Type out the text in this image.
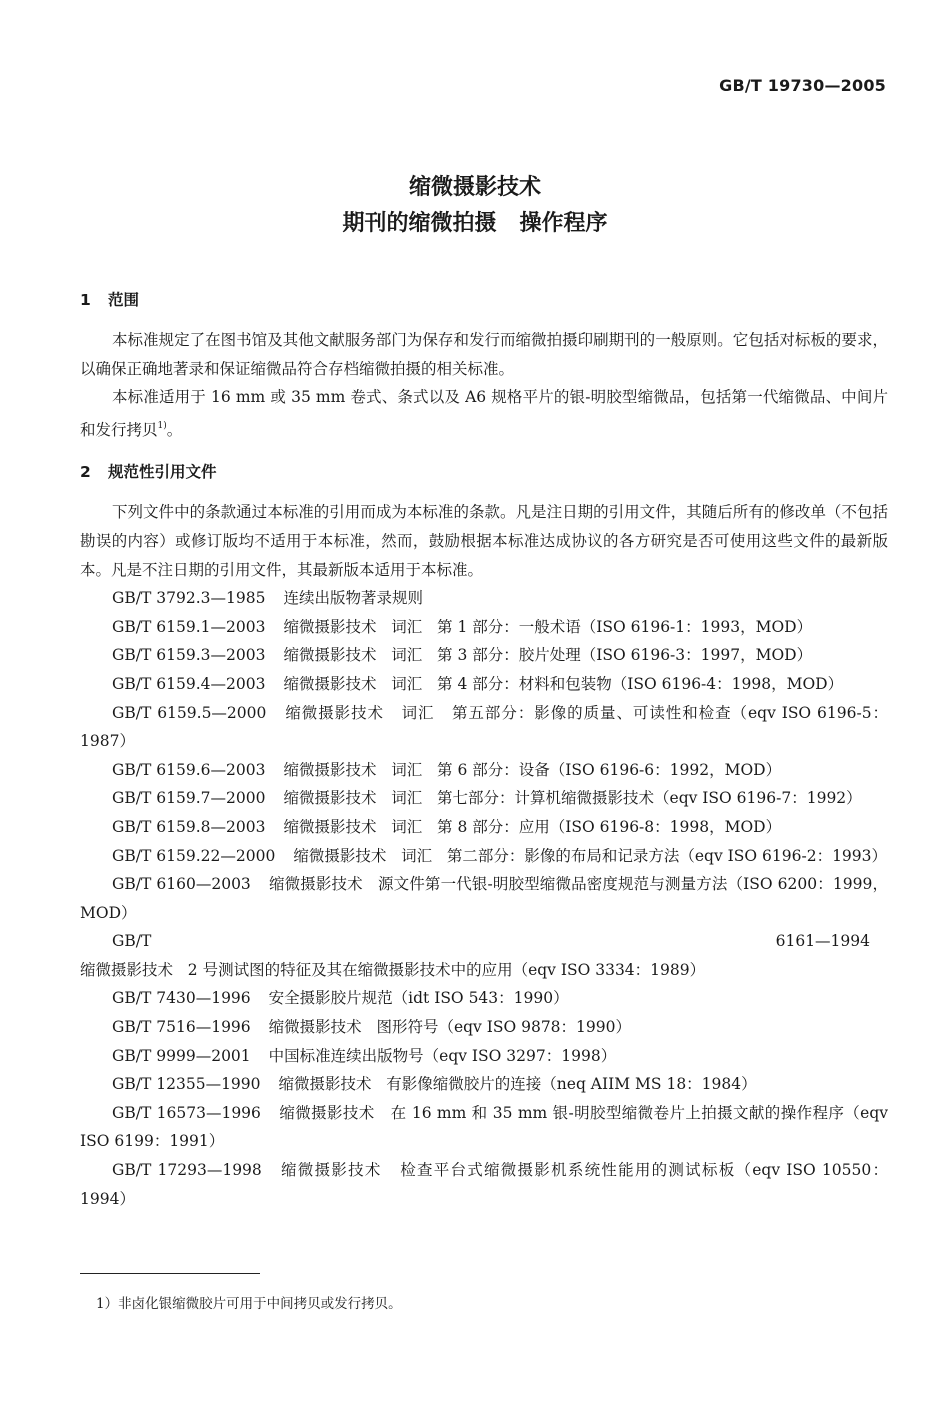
GB/T 19730—2005
缩微摄影技术
期刊的缩微拍摄   操作程序
1 范围

本标准规定了在图书馆及其他文献服务部门为保存和发行而缩微拍摄印刷期刊的一般原则。它包括对标板的要求，以确保正确地著录和保证缩微品符合存档缩微拍摄的相关标准。

本标准适用于 16 mm 或 35 mm 卷式、条式以及 A6 规格平片的银-明胶型缩微品，包括第一代缩微品、中间片和发行拷贝$^{1)}$。

2 规范性引用文件

下列文件中的条款通过本标准的引用而成为本标准的条款。凡是注日期的引用文件，其随后所有的修改单（不包括勘误的内容）或修订版均不适用于本标准，然而，鼓励根据本标准达成协议的各方研究是否可使用这些文件的最新版本。凡是不注日期的引用文件，其最新版本适用于本标准。

GB/T 3792.3—1985 连续出版物著录规则

GB/T 6159.1—2003 缩微摄影技术   词汇   第 1 部分：一般术语（ISO 6196-1：1993，MOD）

GB/T 6159.3—2003 缩微摄影技术   词汇   第 3 部分：胶片处理（ISO 6196-3：1997，MOD）

GB/T 6159.4—2003 缩微摄影技术   词汇   第 4 部分：材料和包装物（ISO 6196-4：1998，MOD）

GB/T 6159.5—2000 缩微摄影技术   词汇   第五部分：影像的质量、可读性和检查（eqv ISO 6196-5：1987）

GB/T 6159.6—2003 缩微摄影技术   词汇   第 6 部分：设备（ISO 6196-6：1992，MOD）

GB/T 6159.7—2000 缩微摄影技术   词汇   第七部分：计算机缩微摄影技术（eqv ISO 6196-7：1992）

GB/T 6159.8—2003 缩微摄影技术   词汇   第 8 部分：应用（ISO 6196-8：1998，MOD）

GB/T 6159.22—2000 缩微摄影技术   词汇   第二部分：影像的布局和记录方法（eqv ISO 6196-2：1993）

GB/T 6160—2003 缩微摄影技术   源文件第一代银-明胶型缩微品密度规范与测量方法（ISO 6200：1999，MOD）

GB/T 6161—1994缩微摄影技术   2 号测试图的特征及其在缩微摄影技术中的应用（eqv ISO 3334：1989）

GB/T 7430—1996 安全摄影胶片规范（idt ISO 543：1990）

GB/T 7516—1996 缩微摄影技术   图形符号（eqv ISO 9878：1990）

GB/T 9999—2001 中国标准连续出版物号（eqv ISO 3297：1998）

GB/T 12355—1990 缩微摄影技术   有影像缩微胶片的连接（neq AIIM MS 18：1984）

GB/T 16573—1996 缩微摄影技术   在 16 mm 和 35 mm 银-明胶型缩微卷片上拍摄文献的操作程序（eqv ISO 6199：1991）

GB/T 17293—1998 缩微摄影技术   检查平台式缩微摄影机系统性能用的测试标板（eqv ISO 10550：1994）

1）非卤化银缩微胶片可用于中间拷贝或发行拷贝。
